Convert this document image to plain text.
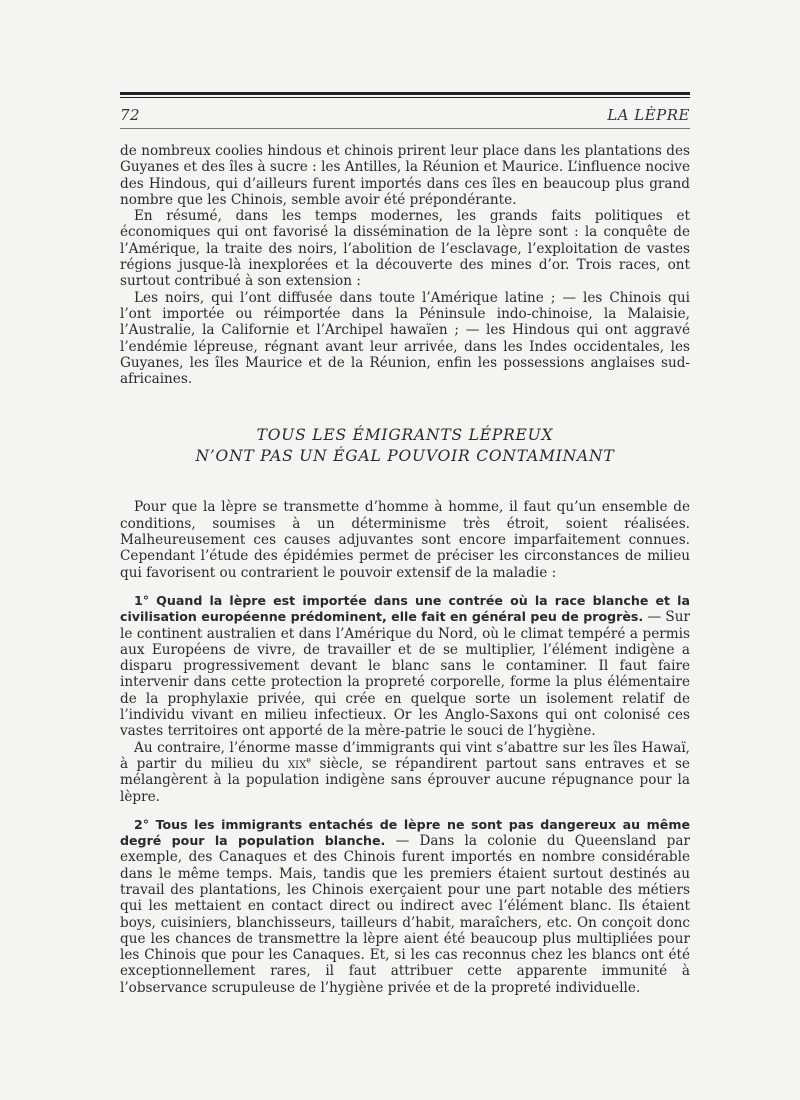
72	LA LÈPRE

de nombreux coolies hindous et chinois prirent leur place dans les plantations des Guyanes et des îles à sucre : les Antilles, la Réunion et Maurice. L’influence nocive des Hindous, qui d’ailleurs furent importés dans ces îles en beaucoup plus grand nombre que les Chinois, semble avoir été prépondérante.

En résumé, dans les temps modernes, les grands faits politiques et économiques qui ont favorisé la dissémination de la lèpre sont : la conquête de l’Amérique, la traite des noirs, l’abolition de l’esclavage, l’exploitation de vastes régions jusque-là inexplorées et la découverte des mines d’or. Trois races, ont surtout contribué à son extension :

Les noirs, qui l’ont diffusée dans toute l’Amérique latine ; — les Chinois qui l’ont importée ou réimportée dans la Péninsule indo-chinoise, la Malaisie, l’Australie, la Californie et l’Archipel hawaïen ; — les Hindous qui ont aggravé l’endémie lépreuse, régnant avant leur arrivée, dans les Indes occidentales, les Guyanes, les îles Maurice et de la Réunion, enfin les possessions anglaises sud-africaines.

TOUS LES ÉMIGRANTS LÉPREUX
N’ONT PAS UN ÉGAL POUVOIR CONTAMINANT

Pour que la lèpre se transmette d’homme à homme, il faut qu’un ensemble de conditions, soumises à un déterminisme très étroit, soient réalisées. Malheureusement ces causes adjuvantes sont encore imparfaitement connues. Cependant l’étude des épidémies permet de préciser les circonstances de milieu qui favorisent ou contrarient le pouvoir extensif de la maladie :

1° Quand la lèpre est importée dans une contrée où la race blanche et la civilisation européenne prédominent, elle fait en général peu de progrès. — Sur le continent australien et dans l’Amérique du Nord, où le climat tempéré a permis aux Européens de vivre, de travailler et de se multiplier, l’élément indigène a disparu progressivement devant le blanc sans le contaminer. Il faut faire intervenir dans cette protection la propreté corporelle, forme la plus élémentaire de la prophylaxie privée, qui crée en quelque sorte un isolement relatif de l’individu vivant en milieu infectieux. Or les Anglo-Saxons qui ont colonisé ces vastes territoires ont apporté de la mère-patrie le souci de l’hygiène.

Au contraire, l’énorme masse d’immigrants qui vint s’abattre sur les îles Hawaï, à partir du milieu du xix$^e$ siècle, se répandirent partout sans entraves et se mélangèrent à la population indigène sans éprouver aucune répugnance pour la lèpre.

2° Tous les immigrants entachés de lèpre ne sont pas dangereux au même degré pour la population blanche. — Dans la colonie du Queensland par exemple, des Canaques et des Chinois furent importés en nombre considérable dans le même temps. Mais, tandis que les premiers étaient surtout destinés au travail des plantations, les Chinois exerçaient pour une part notable des métiers qui les mettaient en contact direct ou indirect avec l’élément blanc. Ils étaient boys, cuisiniers, blanchisseurs, tailleurs d’habit, maraîchers, etc. On conçoit donc que les chances de transmettre la lèpre aient été beaucoup plus multipliées pour les Chinois que pour les Canaques. Et, si les cas reconnus chez les blancs ont été exceptionnellement rares, il faut attribuer cette apparente immunité à l’observance scrupuleuse de l’hygiène privée et de la propreté individuelle.
